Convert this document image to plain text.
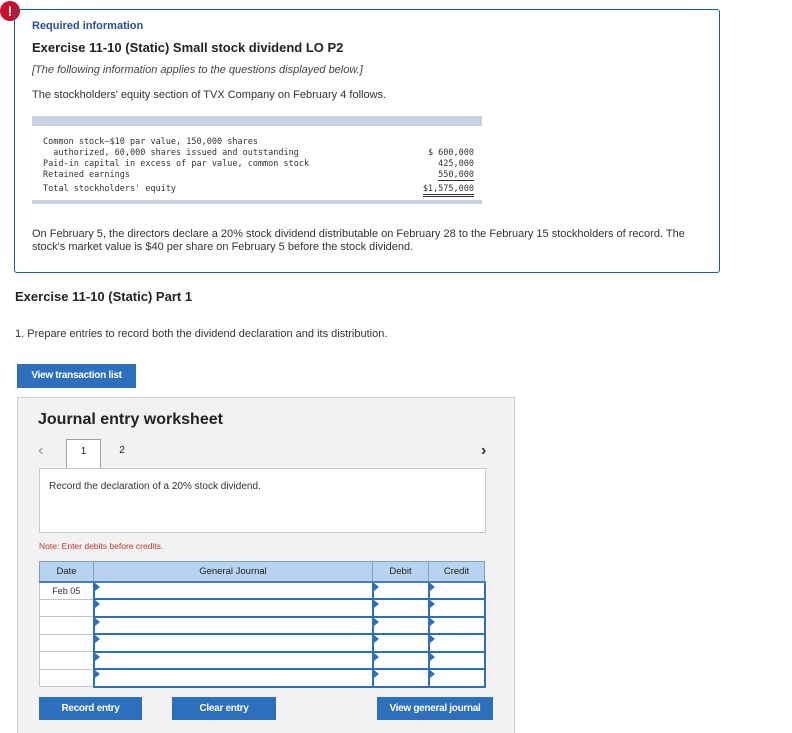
!
Required information
Exercise 11-10 (Static) Small stock dividend LO P2
[The following information applies to the questions displayed below.]
The stockholders' equity section of TVX Company on February 4 follows.
Common stock—$10 par value, 150,000 shares
authorized, 60,000 shares issued and outstanding	$ 600,000
Paid-in capital in excess of par value, common stock	425,000
Retained earnings	550,000
Total stockholders' equity	$1,575,000
On February 5, the directors declare a 20% stock dividend distributable on February 28 to the February 15 stockholders of record. The stock's market value is $40 per share on February 5 before the stock dividend.
Exercise 11-10 (Static) Part 1
1. Prepare entries to record both the dividend declaration and its distribution.
View transaction list
Journal entry worksheet
‹	›
1	2
Record the declaration of a 20% stock dividend.
Note: Enter debits before credits.
Date	General Journal	Debit	Credit
Feb 05			

Record entry	Clear entry	View general journal
